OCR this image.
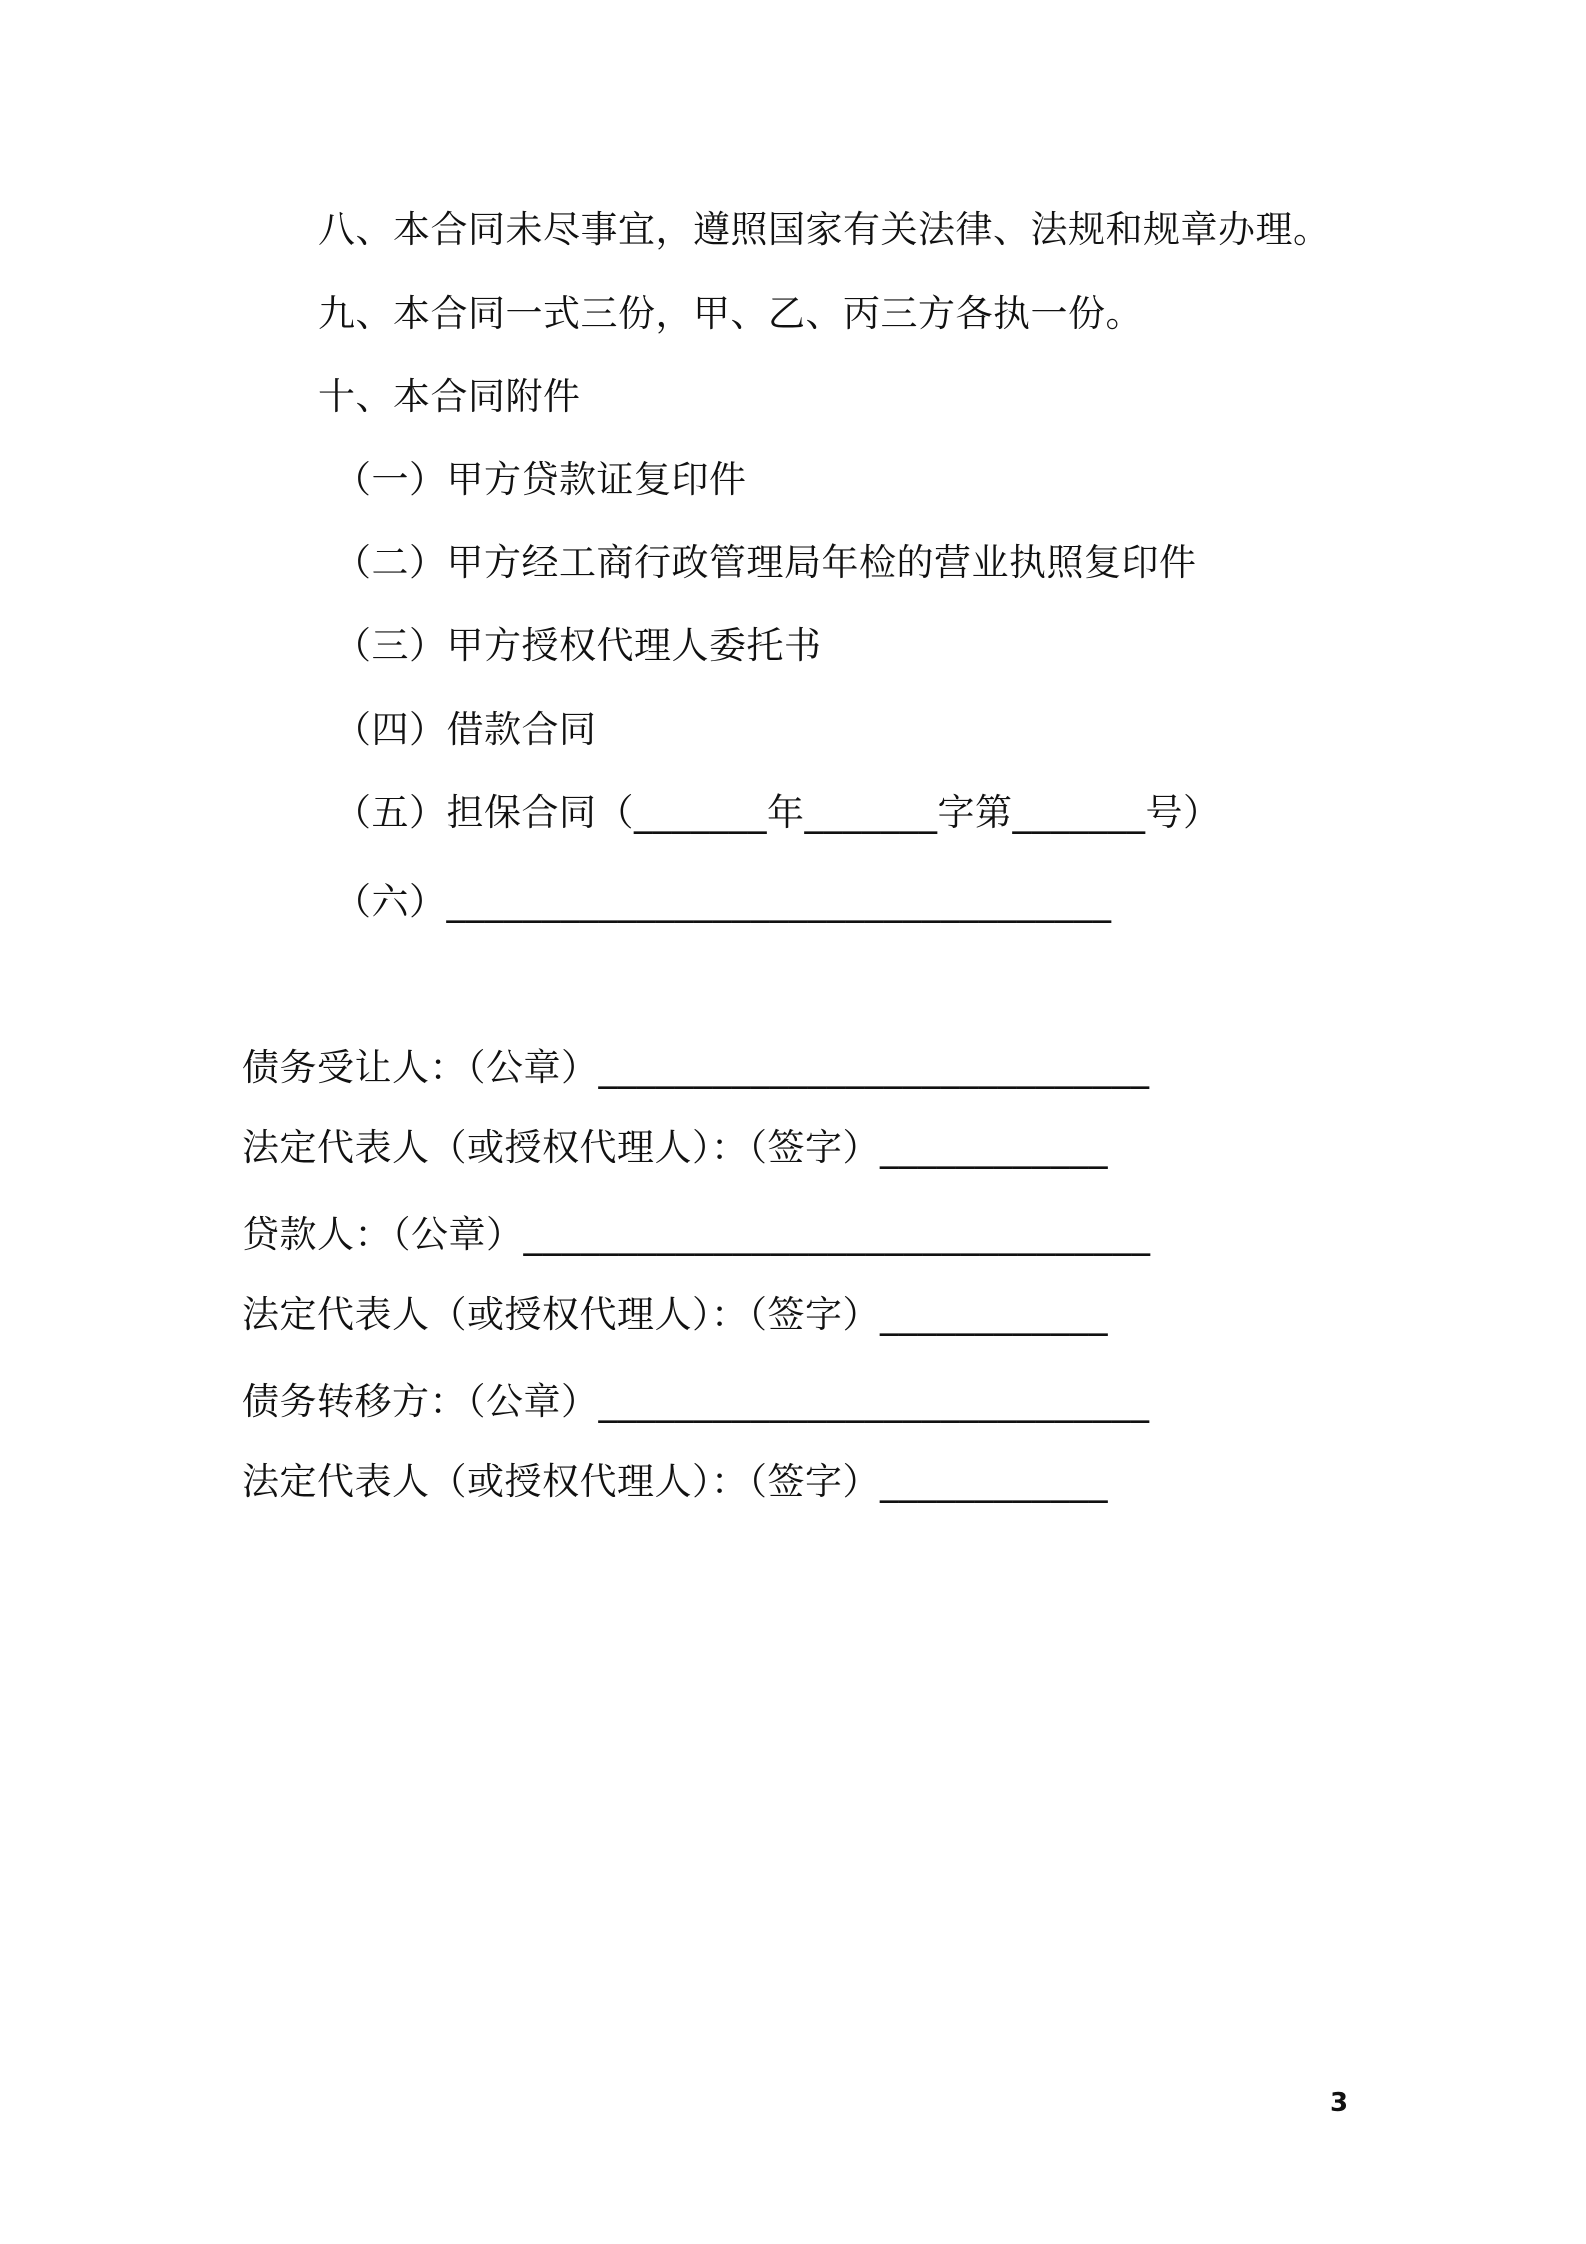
八、本合同未尽事宜，遵照国家有关法律、法规和规章办理。
九、本合同一式三份，甲、乙、丙三方各执一份。
十、本合同附件
（一）甲方贷款证复印件
（二）甲方经工商行政管理局年检的营业执照复印件
（三）甲方授权代理人委托书
（四）借款合同
（五）担保合同（_______年_______字第_______号）
（六）___________________________________
债务受让人：（公章）_____________________________
法定代表人（或授权代理人）：（签字）____________
贷款人：（公章）_________________________________
法定代表人（或授权代理人）：（签字）____________
债务转移方：（公章）_____________________________
法定代表人（或授权代理人）：（签字）____________
3
